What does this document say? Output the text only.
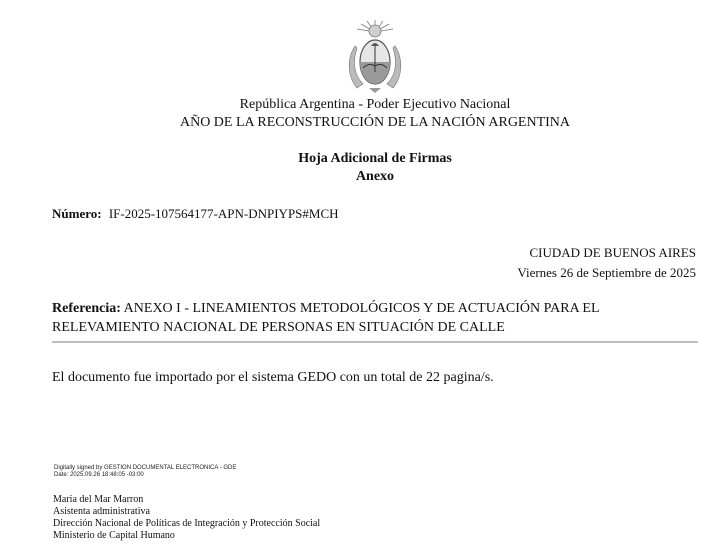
República Argentina - Poder Ejecutivo Nacional
AÑO DE LA RECONSTRUCCIÓN DE LA NACIÓN ARGENTINA
Hoja Adicional de Firmas
Anexo
Número: IF-2025-107564177-APN-DNPIYPS#MCH
CIUDAD DE BUENOS AIRES
Viernes 26 de Septiembre de 2025
Referencia: ANEXO I - LINEAMIENTOS METODOLÓGICOS Y DE ACTUACIÓN PARA EL RELEVAMIENTO NACIONAL DE PERSONAS EN SITUACIÓN DE CALLE
El documento fue importado por el sistema GEDO con un total de 22 pagina/s.
Digitally signed by GESTION DOCUMENTAL ELECTRONICA - GDE
Date: 2025.09.26 18:48:05 -03:00
Maria del Mar Marron
Asistenta administrativa
Dirección Nacional de Políticas de Integración y Protección Social
Ministerio de Capital Humano
